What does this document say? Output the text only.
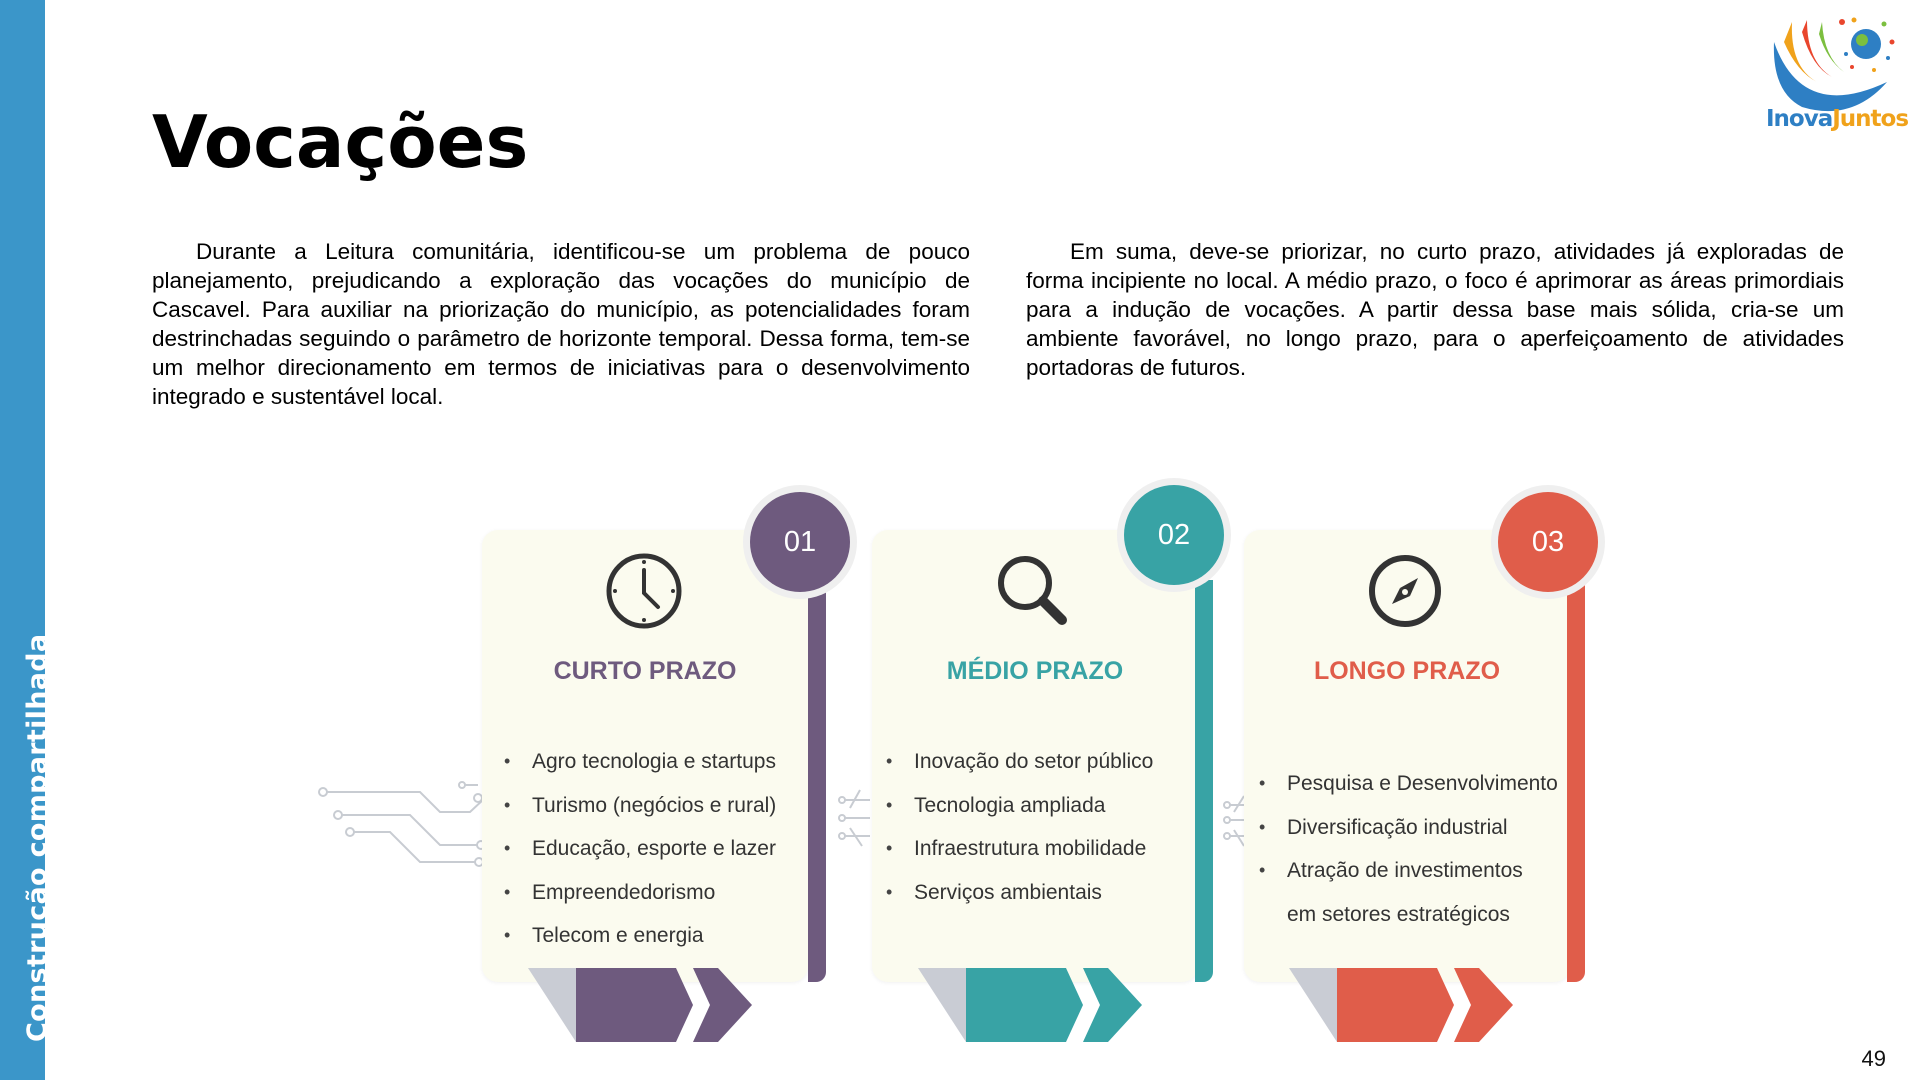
Construção compartilhada
InovaJuntos
Vocações

Durante a Leitura comunitária, identificou-se um problema de pouco planejamento, prejudicando a exploração das vocações do município de Cascavel. Para auxiliar na priorização do município, as potencialidades foram destrinchadas seguindo o parâmetro de horizonte temporal. Dessa forma, tem-se um melhor direcionamento em termos de iniciativas para o desenvolvimento integrado e sustentável local.

Em suma, deve-se priorizar, no curto prazo, atividades já exploradas de forma incipiente no local. A médio prazo, o foco é aprimorar as áreas primordiais para a indução de vocações. A partir dessa base mais sólida, cria-se um ambiente favorável, no longo prazo, para o aperfeiçoamento de atividades portadoras de futuros.

01
CURTO PRAZO
• Agro tecnologia e startups
• Turismo (negócios e rural)
• Educação, esporte e lazer
• Empreendedorismo
• Telecom e energia
02
MÉDIO PRAZO
• Inovação do setor público
• Tecnologia ampliada
• Infraestrutura mobilidade
• Serviços ambientais
03
LONGO PRAZO
• Pesquisa e Desenvolvimento
• Diversificação industrial
• Atração de investimentos
em setores estratégicos
49
